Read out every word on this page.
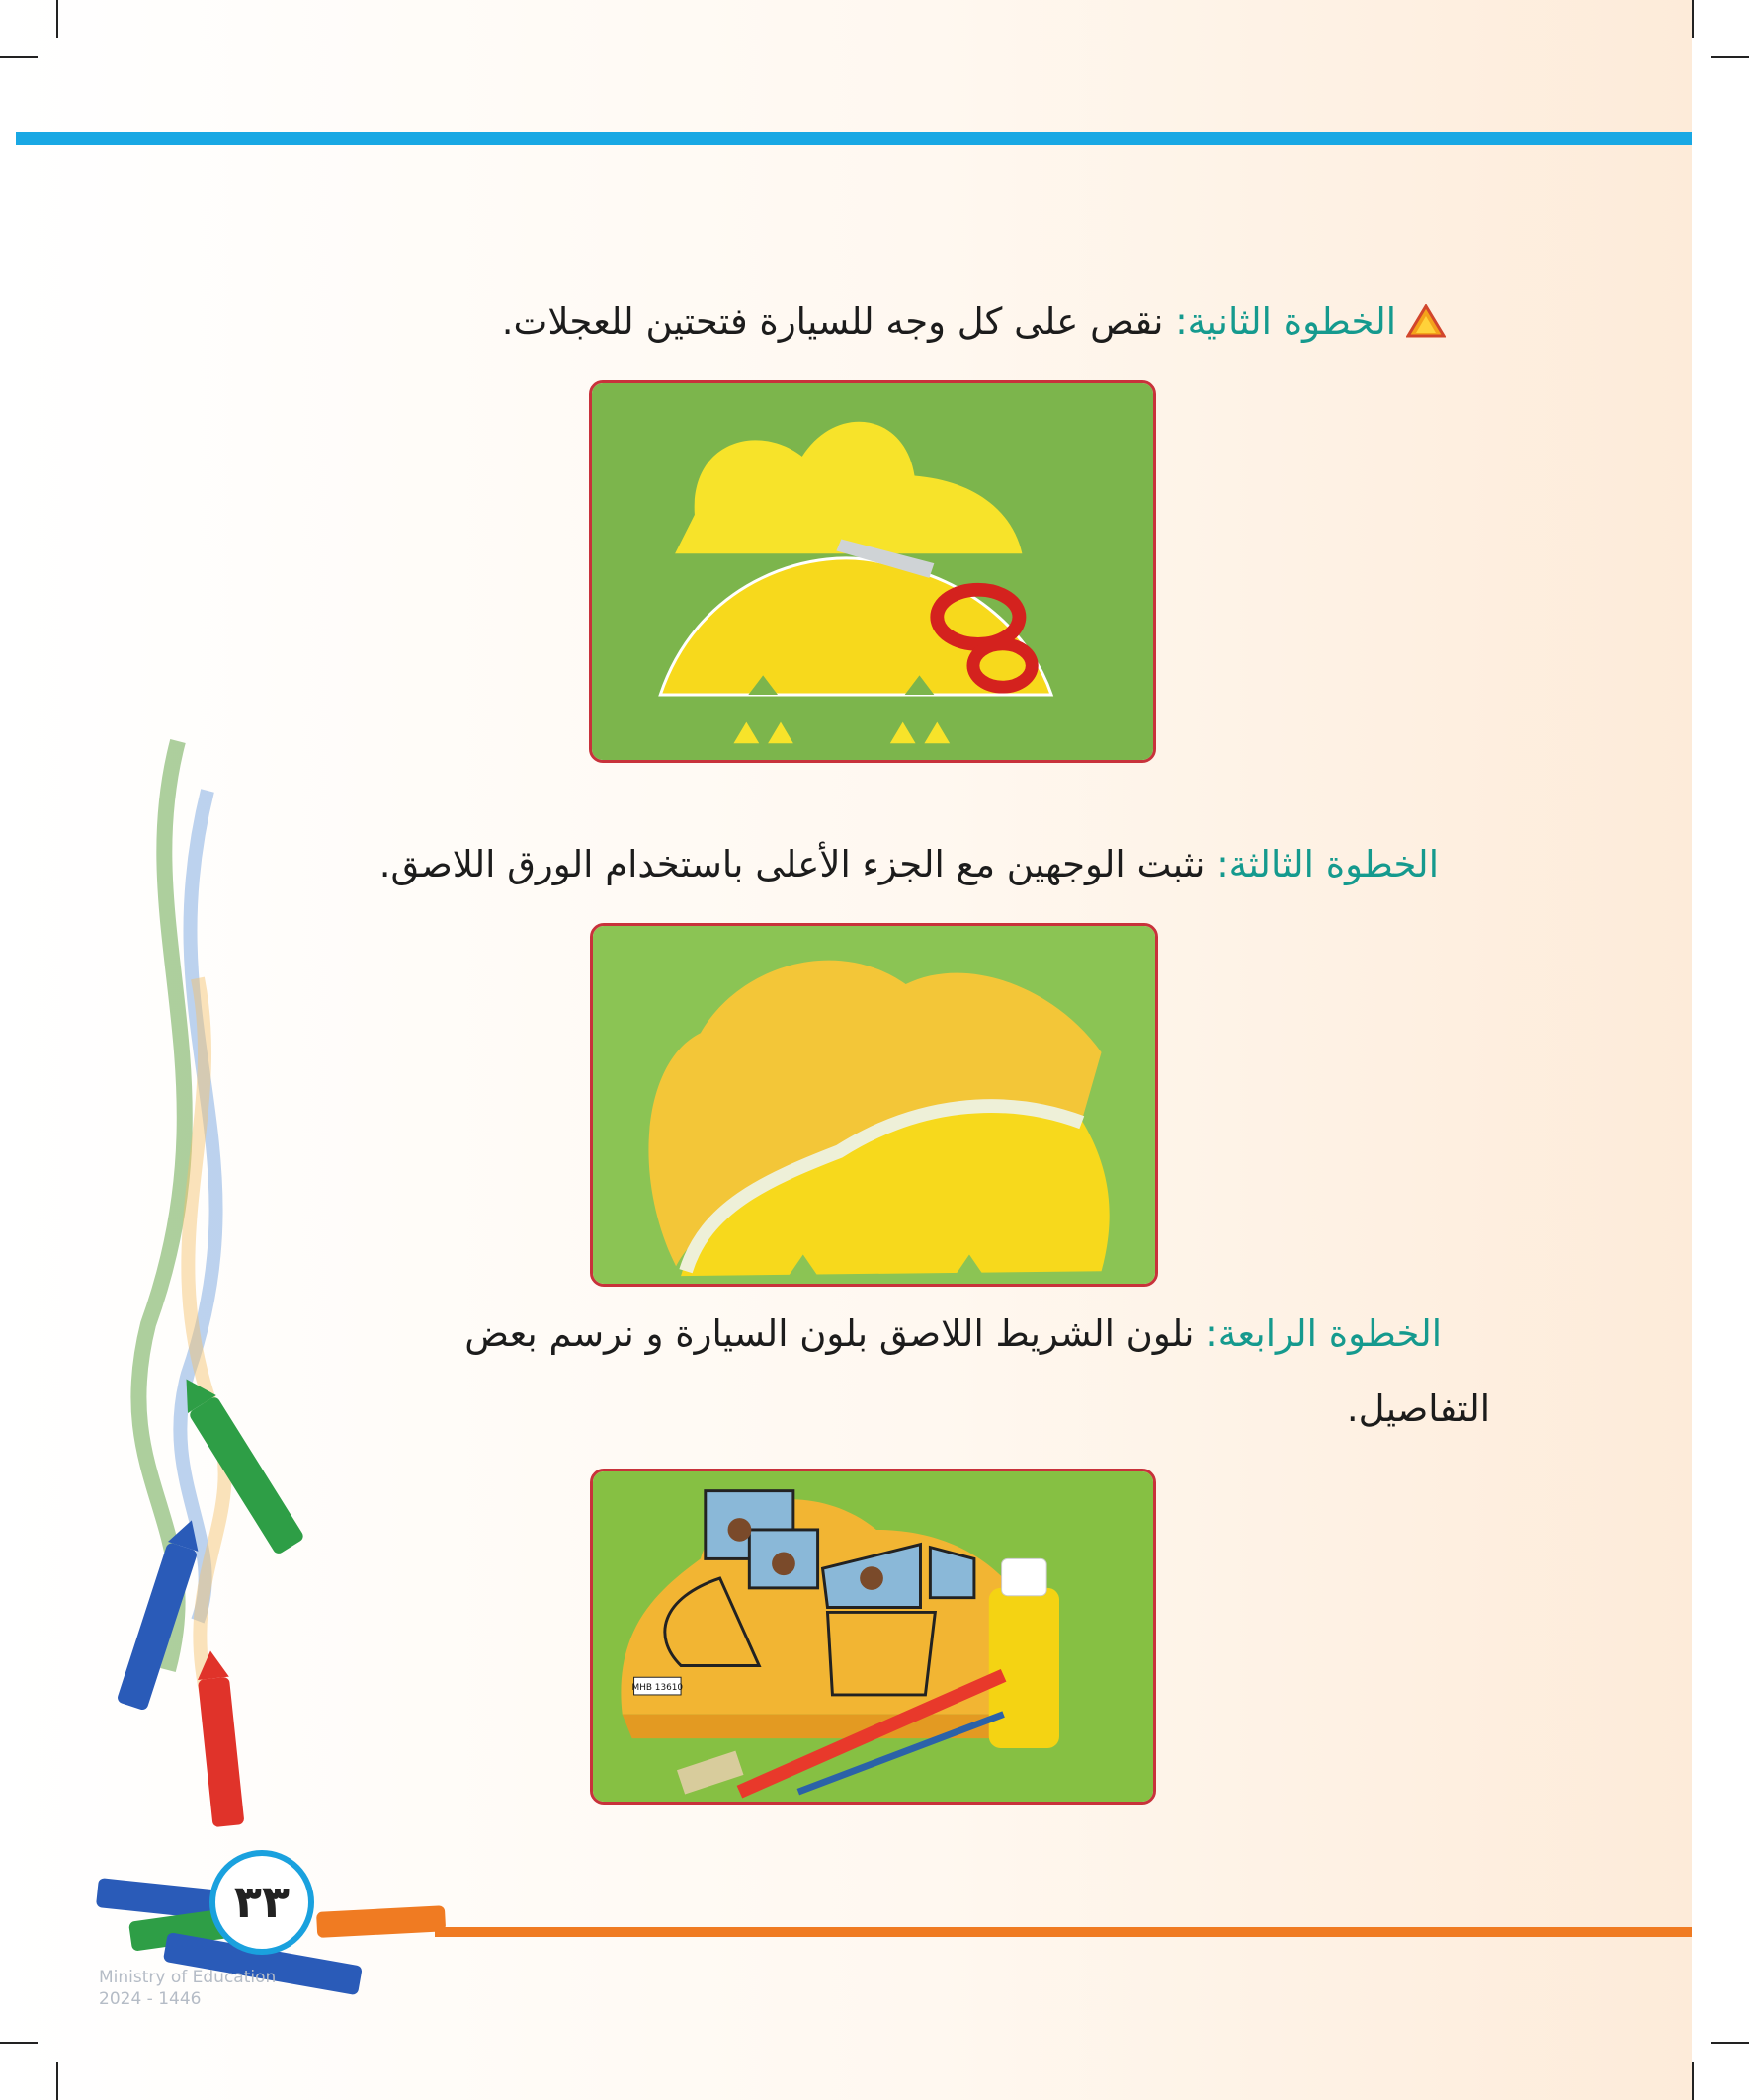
الخطوة الثانية: نقص على كل وجه للسيارة فتحتين للعجلات.
الخطوة الثالثة: نثبت الوجهين مع الجزء الأعلى باستخدام الورق اللاصق.
الخطوة الرابعة: نلون الشريط اللاصق بلون السيارة و نرسم بعض
التفاصيل.
MHB 13610
٣٣
Ministry of Education
2024 - 1446
